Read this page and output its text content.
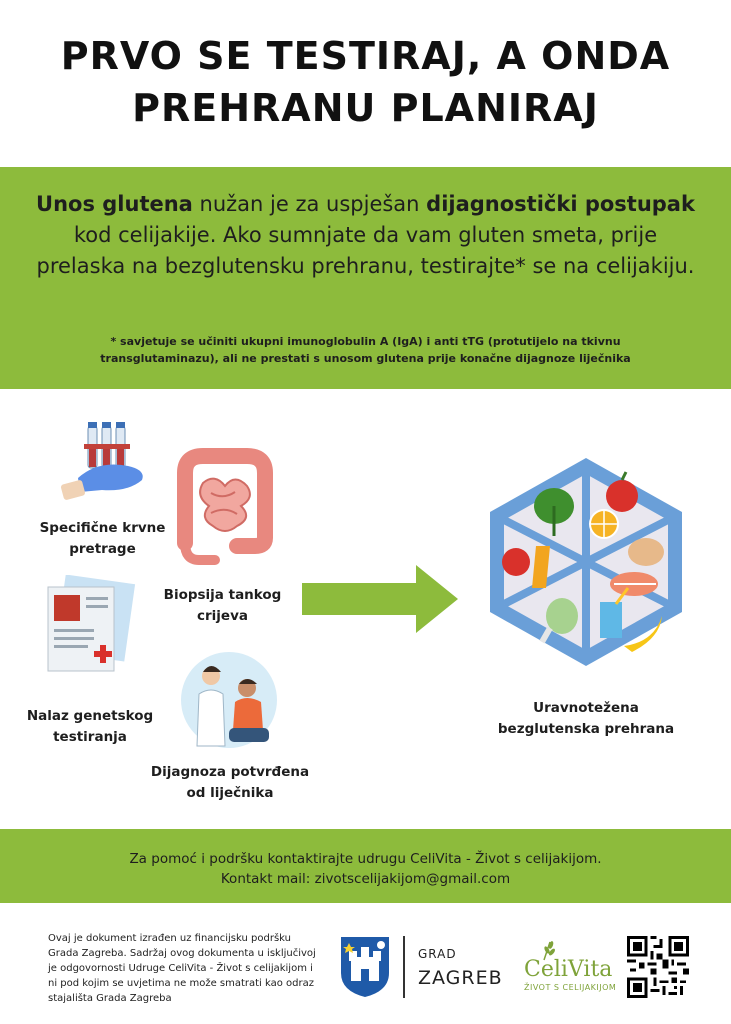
PRVO SE TESTIRAJ, A ONDA
PREHRANU PLANIRAJ
Unos glutena nužan je za uspješan dijagnostički postupak kod celijakije. Ako sumnjate da vam gluten smeta, prije prelaska na bezglutensku prehranu, testirajte* se na celijakiju.
* savjetuje se učiniti ukupni imunoglobulin A (IgA) i anti tTG (protutijelo na tkivnu
transglutaminazu), ali ne prestati s unosom glutena prije konačne dijagnoze liječnika
Specifične krvne
pretrage
Biopsija tankog
crijeva
Nalaz genetskog
testiranja
Dijagnoza potvrđena
od liječnika
Uravnotežena
bezglutenska prehrana
Za pomoć i podršku kontaktirajte udrugu CeliVita - Život s celijakijom.
Kontakt mail: zivotscelijakijom@gmail.com
Ovaj je dokument izrađen uz financijsku podršku Grada Zagreba. Sadržaj ovog dokumenta u isključivoj je odgovornosti Udruge CeliVita - Život s celijakijom i ni pod kojim se uvjetima ne može smatrati kao odraz stajališta Grada Zagreba
GRAD
ZAGREB CeliVita
ŽIVOT S CELIJAKIJOM
